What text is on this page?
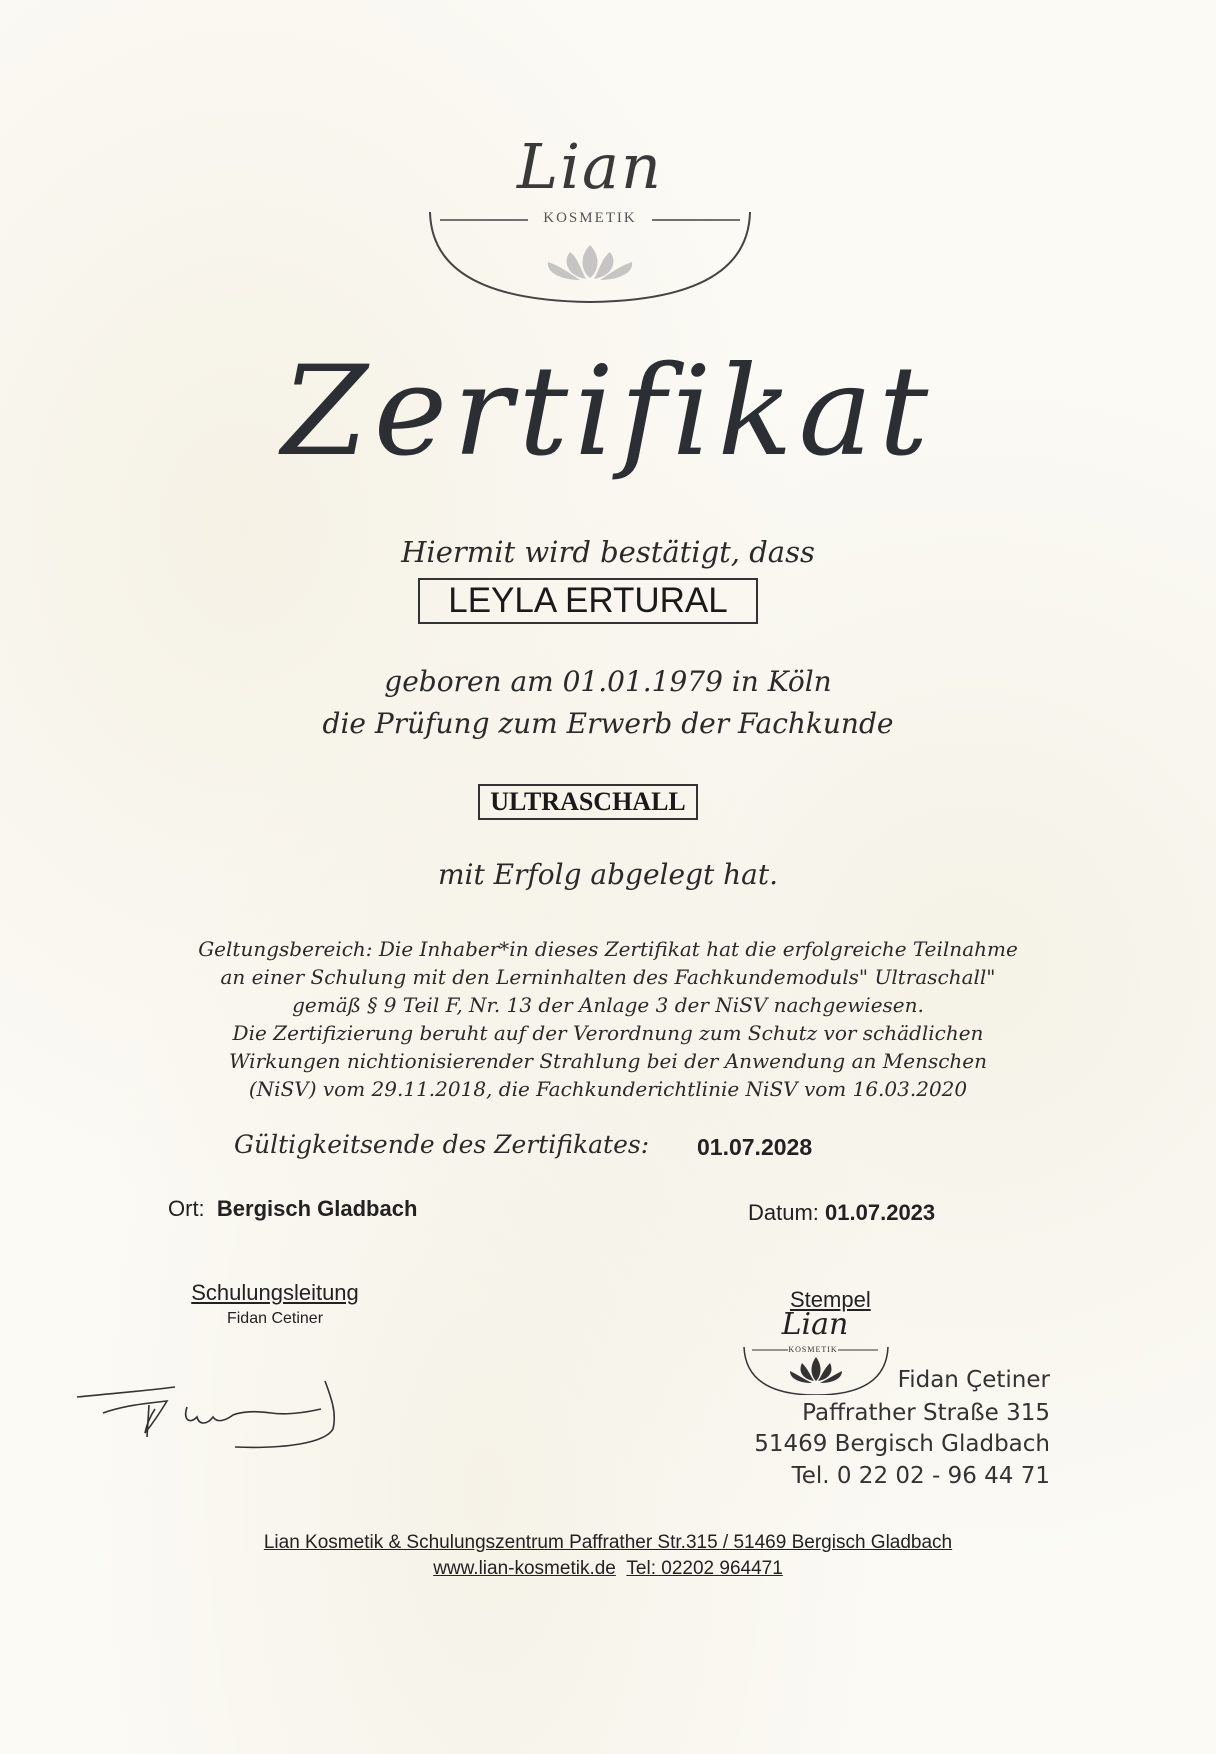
Lian
KOSMETIK
Zertifikat
Hiermit wird bestätigt, dass
LEYLA ERTURAL
geboren am 01.01.1979 in Köln
die Prüfung zum Erwerb der Fachkunde
ULTRASCHALL
mit Erfolg abgelegt hat.
Geltungsbereich: Die Inhaber*in dieses Zertifikat hat die erfolgreiche Teilnahme
an einer Schulung mit den Lerninhalten des Fachkundemoduls" Ultraschall"
gemäß § 9 Teil F, Nr. 13 der Anlage 3 der NiSV nachgewiesen.
Die Zertifizierung beruht auf der Verordnung zum Schutz vor schädlichen
Wirkungen nichtionisierender Strahlung bei der Anwendung an Menschen
(NiSV) vom 29.11.2018, die Fachkunderichtlinie NiSV vom 16.03.2020
Gültigkeitsende des Zertifikates: 01.07.2028
Ort: Bergisch Gladbach	Datum: 01.07.2023
Schulungsleitung
Fidan Cetiner
Stempel
Lian
KOSMETIK
Fidan Çetiner
Paffrather Straße 315
51469 Bergisch Gladbach
Tel. 0 22 02 - 96 44 71
Lian Kosmetik & Schulungszentrum Paffrather Str.315 / 51469 Bergisch Gladbach
www.lian-kosmetik.de Tel: 02202 964471
